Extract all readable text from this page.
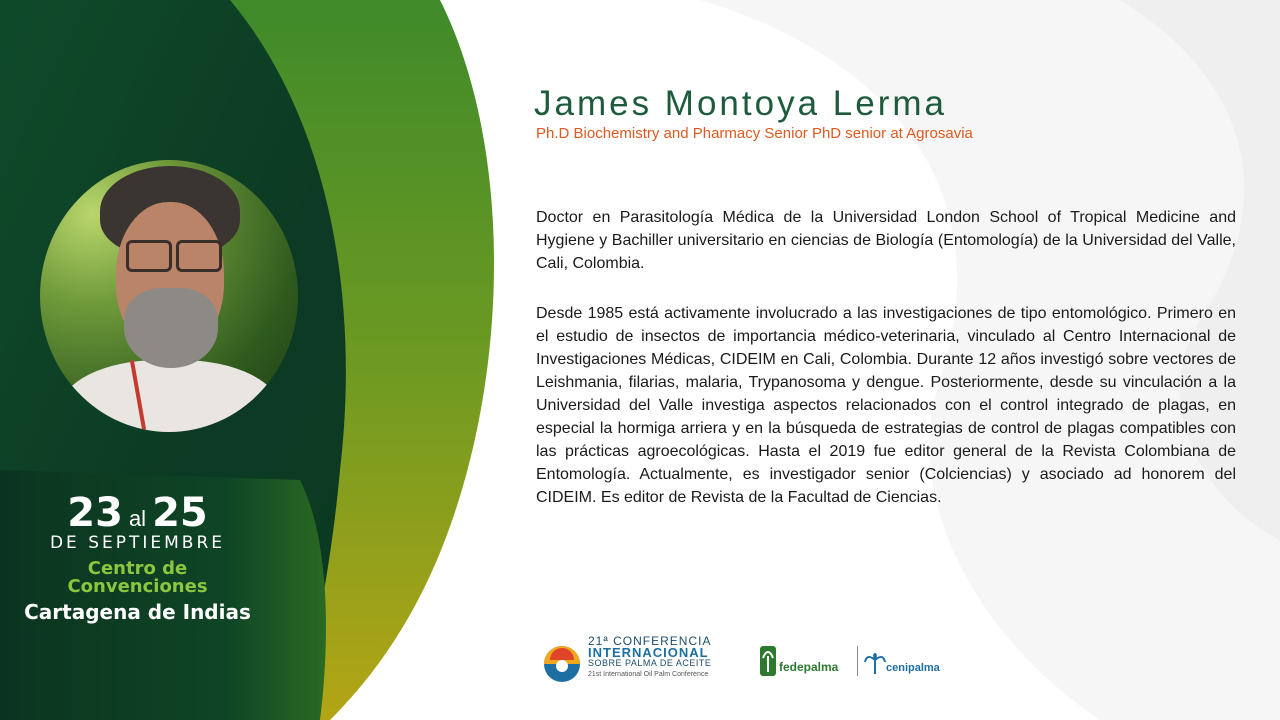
23 al 25
DE SEPTIEMBRE
Centro de
Convenciones
Cartagena de Indias
James Montoya Lerma
Ph.D Biochemistry and Pharmacy Senior PhD senior at Agrosavia

Doctor en Parasitología Médica de la Universidad London School of Tropical Medicine and Hygiene y Bachiller universitario en ciencias de Biología (Entomología) de la Universidad del Valle, Cali, Colombia.

Desde 1985 está activamente involucrado a las investigaciones de tipo entomológico. Primero en el estudio de insectos de importancia médico-veterinaria, vinculado al Centro Internacional de Investigaciones Médicas, CIDEIM en Cali, Colombia. Durante 12 años investigó sobre vectores de Leishmania, filarias, malaria, Trypanosoma y dengue. Posteriormente, desde su vinculación a la Universidad del Valle investiga aspectos relacionados con el control integrado de plagas, en especial la hormiga arriera y en la búsqueda de estrategias de control de plagas compatibles con las prácticas agroecológicas. Hasta el 2019 fue editor general de la Revista Colombiana de Entomología. Actualmente, es investigador senior (Colciencias) y asociado ad honorem del CIDEIM. Es editor de Revista de la Facultad de Ciencias.

21ª CONFERENCIA
INTERNACIONAL
SOBRE PALMA DE ACEITE
21st International Oil Palm Conference
fedepalma	cenipalma
